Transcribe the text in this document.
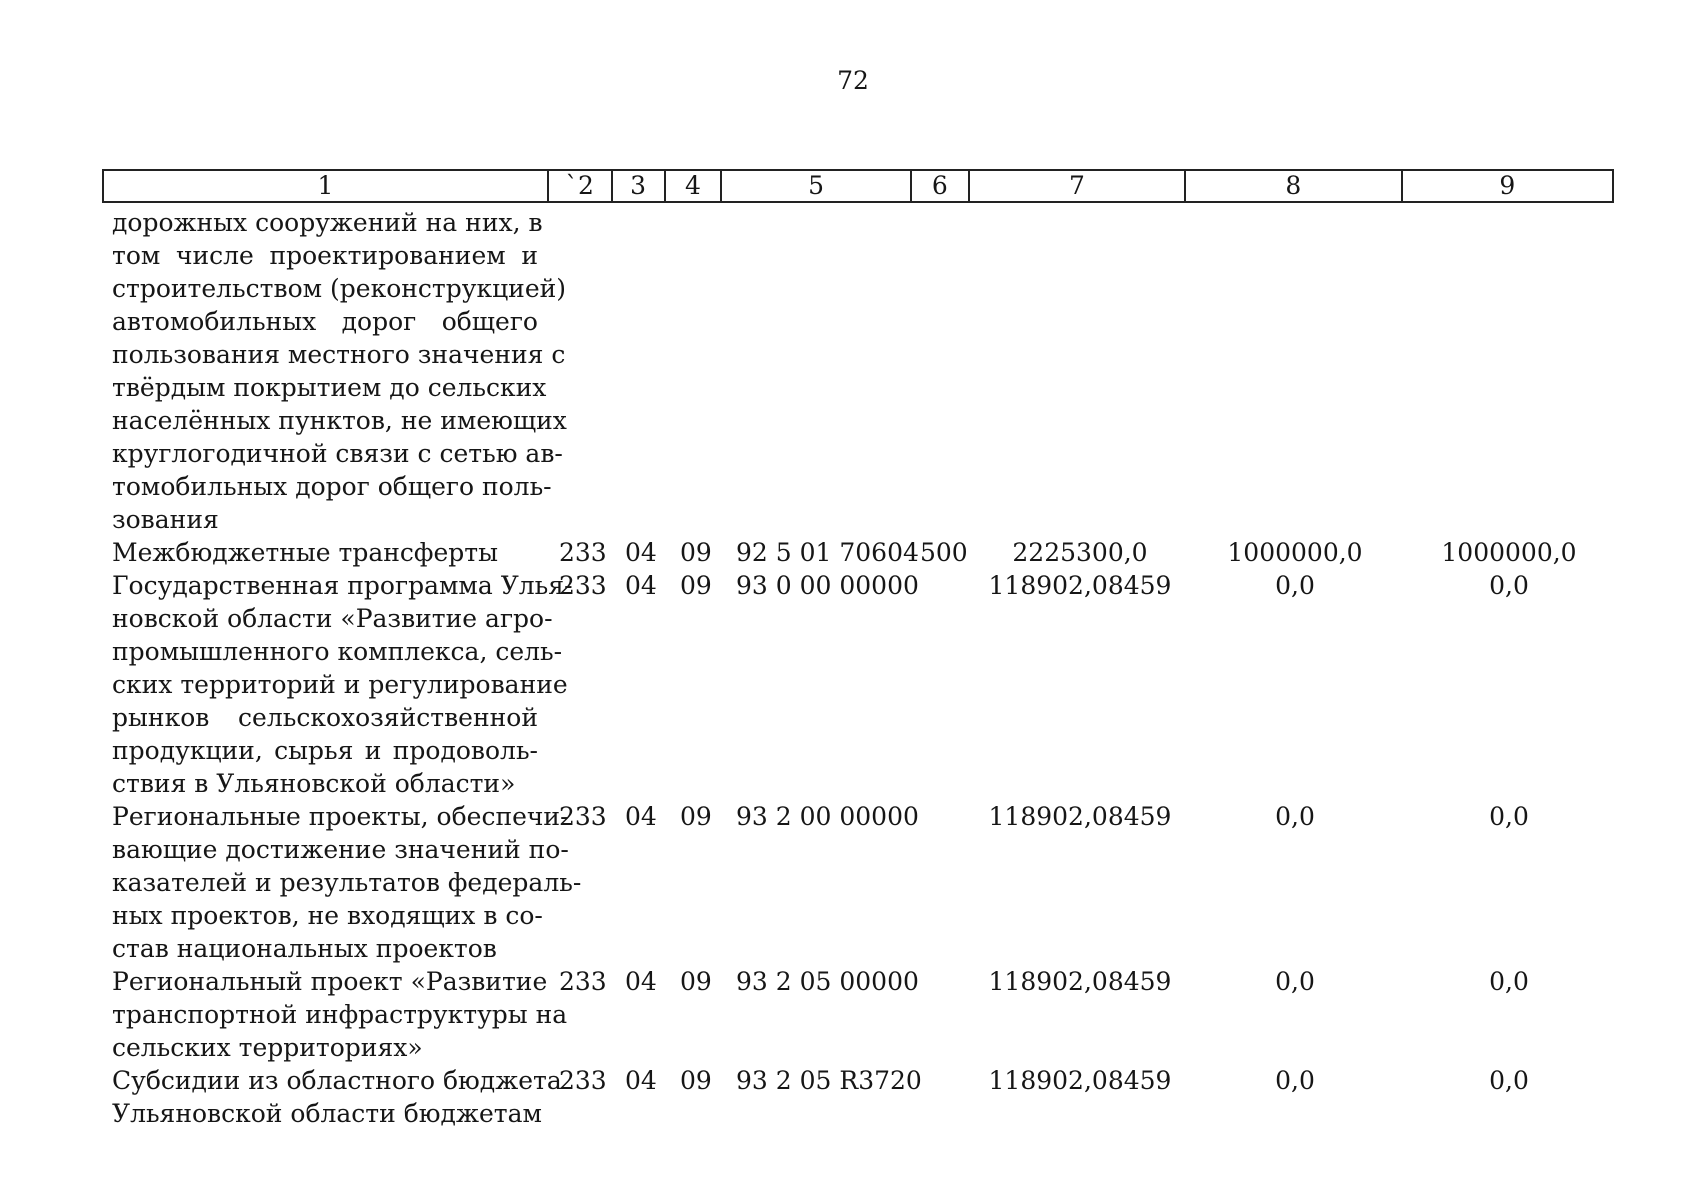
72
1	`2	3	4	5	6	7	8	9
дорожных сооружений на них, в
том числе проектированием и
строительством (реконструкцией)
автомобильных дорог общего
пользования местного значения с
твёрдым покрытием до сельских
населённых пунктов, не имеющих
круглогодичной связи с сетью ав-
томобильных дорог общего поль-
зования
Межбюджетные трансферты	233 04 09 92 5 01 70604 500	2225300,0	1000000,0	1000000,0
Государственная программа Улья-
новской области «Развитие агро-
промышленного комплекса, сель-
ских территорий и регулирование
рынков сельскохозяйственной
продукции, сырья и продоволь-
ствия в Ульяновской области»
233 04 09 93 0 00 00000	118902,08459	0,0	0,0
Региональные проекты, обеспечи-
вающие достижение значений по-
казателей и результатов федераль-
ных проектов, не входящих в со-
став национальных проектов
233 04 09 93 2 00 00000	118902,08459	0,0	0,0
Региональный проект «Развитие
транспортной инфраструктуры на
сельских территориях»
233 04 09 93 2 05 00000	118902,08459	0,0	0,0
Субсидии из областного бюджета
Ульяновской области бюджетам
233 04 09 93 2 05 R3720	118902,08459	0,0	0,0
